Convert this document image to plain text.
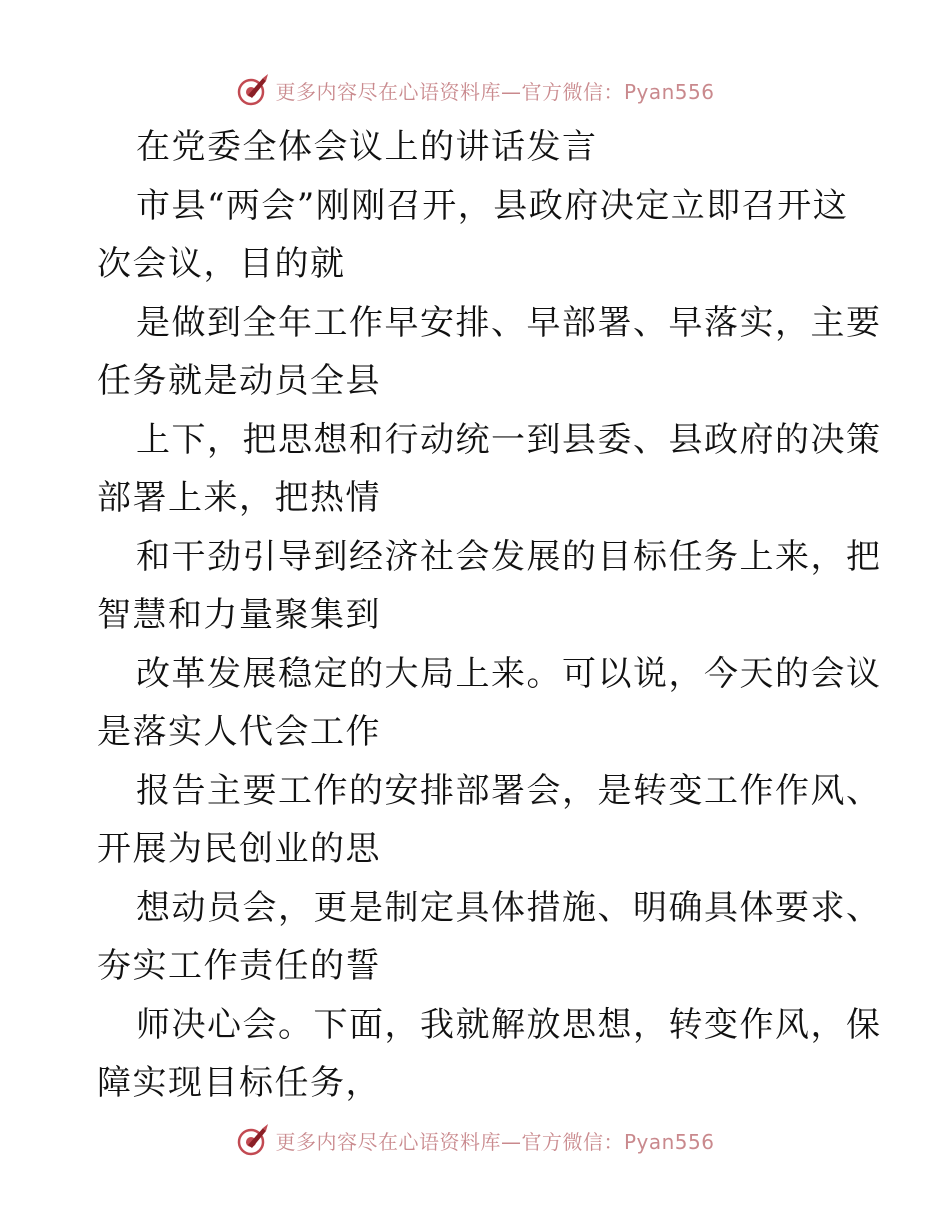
更多内容尽在心语资料库—官方微信：Pyan556
在党委全体会议上的讲话发言
市县“两会”刚刚召开，县政府决定立即召开这
次会议，目的就
是做到全年工作早安排、早部署、早落实，主要
任务就是动员全县
上下，把思想和行动统一到县委、县政府的决策
部署上来，把热情
和干劲引导到经济社会发展的目标任务上来，把
智慧和力量聚集到
改革发展稳定的大局上来。可以说，今天的会议
是落实人代会工作
报告主要工作的安排部署会，是转变工作作风、
开展为民创业的思
想动员会，更是制定具体措施、明确具体要求、
夯实工作责任的誓
师决心会。下面，我就解放思想，转变作风，保
障实现目标任务，
更多内容尽在心语资料库—官方微信：Pyan556
